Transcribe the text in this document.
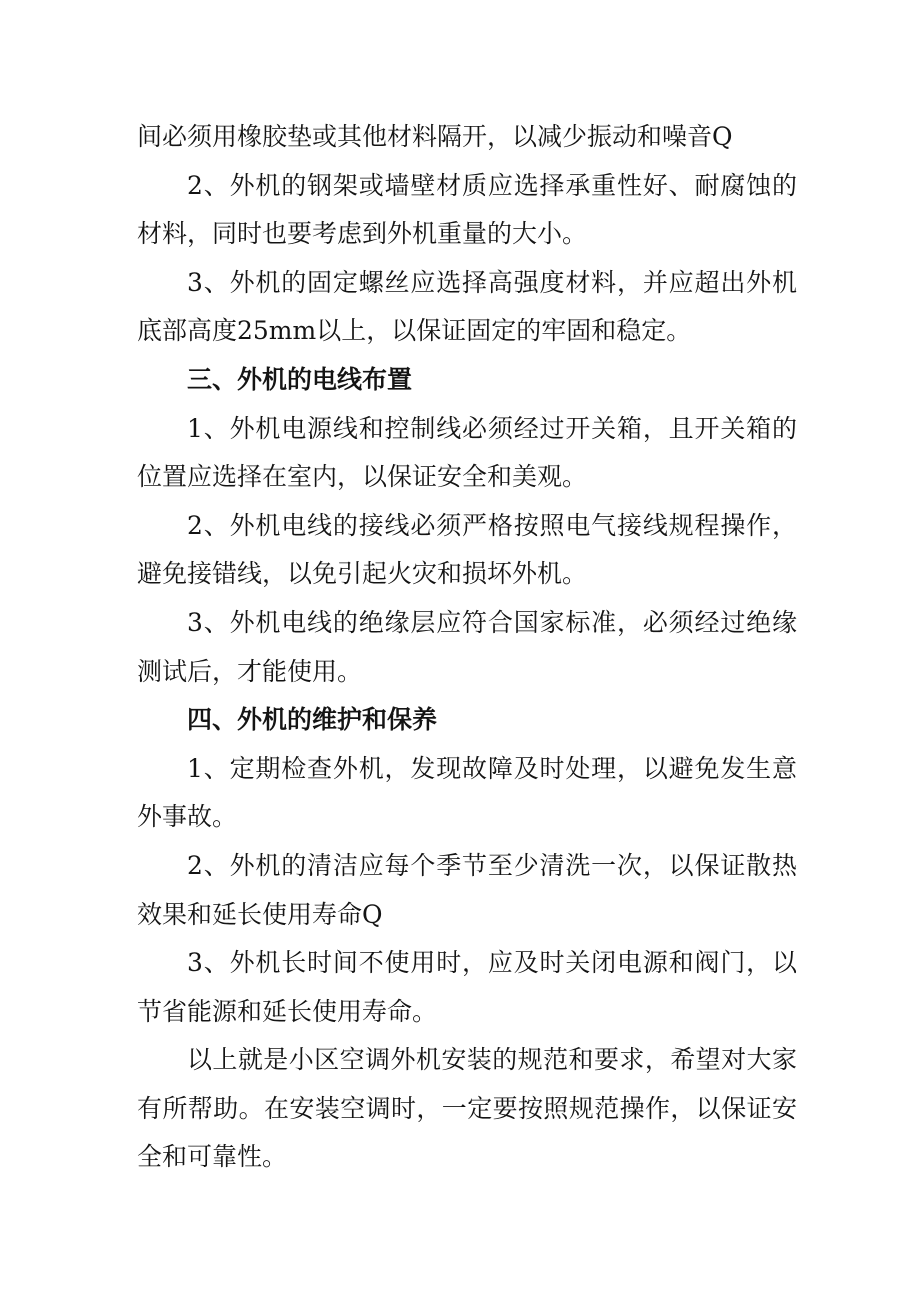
间必须用橡胶垫或其他材料隔开，以减少振动和噪音Q

2、外机的钢架或墙壁材质应选择承重性好、耐腐蚀的材料，同时也要考虑到外机重量的大小。

3、外机的固定螺丝应选择高强度材料，并应超出外机底部高度25mm以上，以保证固定的牢固和稳定。

三、外机的电线布置

1、外机电源线和控制线必须经过开关箱，且开关箱的位置应选择在室内，以保证安全和美观。

2、外机电线的接线必须严格按照电气接线规程操作，避免接错线，以免引起火灾和损坏外机。

3、外机电线的绝缘层应符合国家标准，必须经过绝缘测试后，才能使用。

四、外机的维护和保养

1、定期检查外机，发现故障及时处理，以避免发生意外事故。

2、外机的清洁应每个季节至少清洗一次，以保证散热效果和延长使用寿命Q

3、外机长时间不使用时，应及时关闭电源和阀门，以节省能源和延长使用寿命。

以上就是小区空调外机安装的规范和要求，希望对大家有所帮助。在安装空调时，一定要按照规范操作，以保证安全和可靠性。
